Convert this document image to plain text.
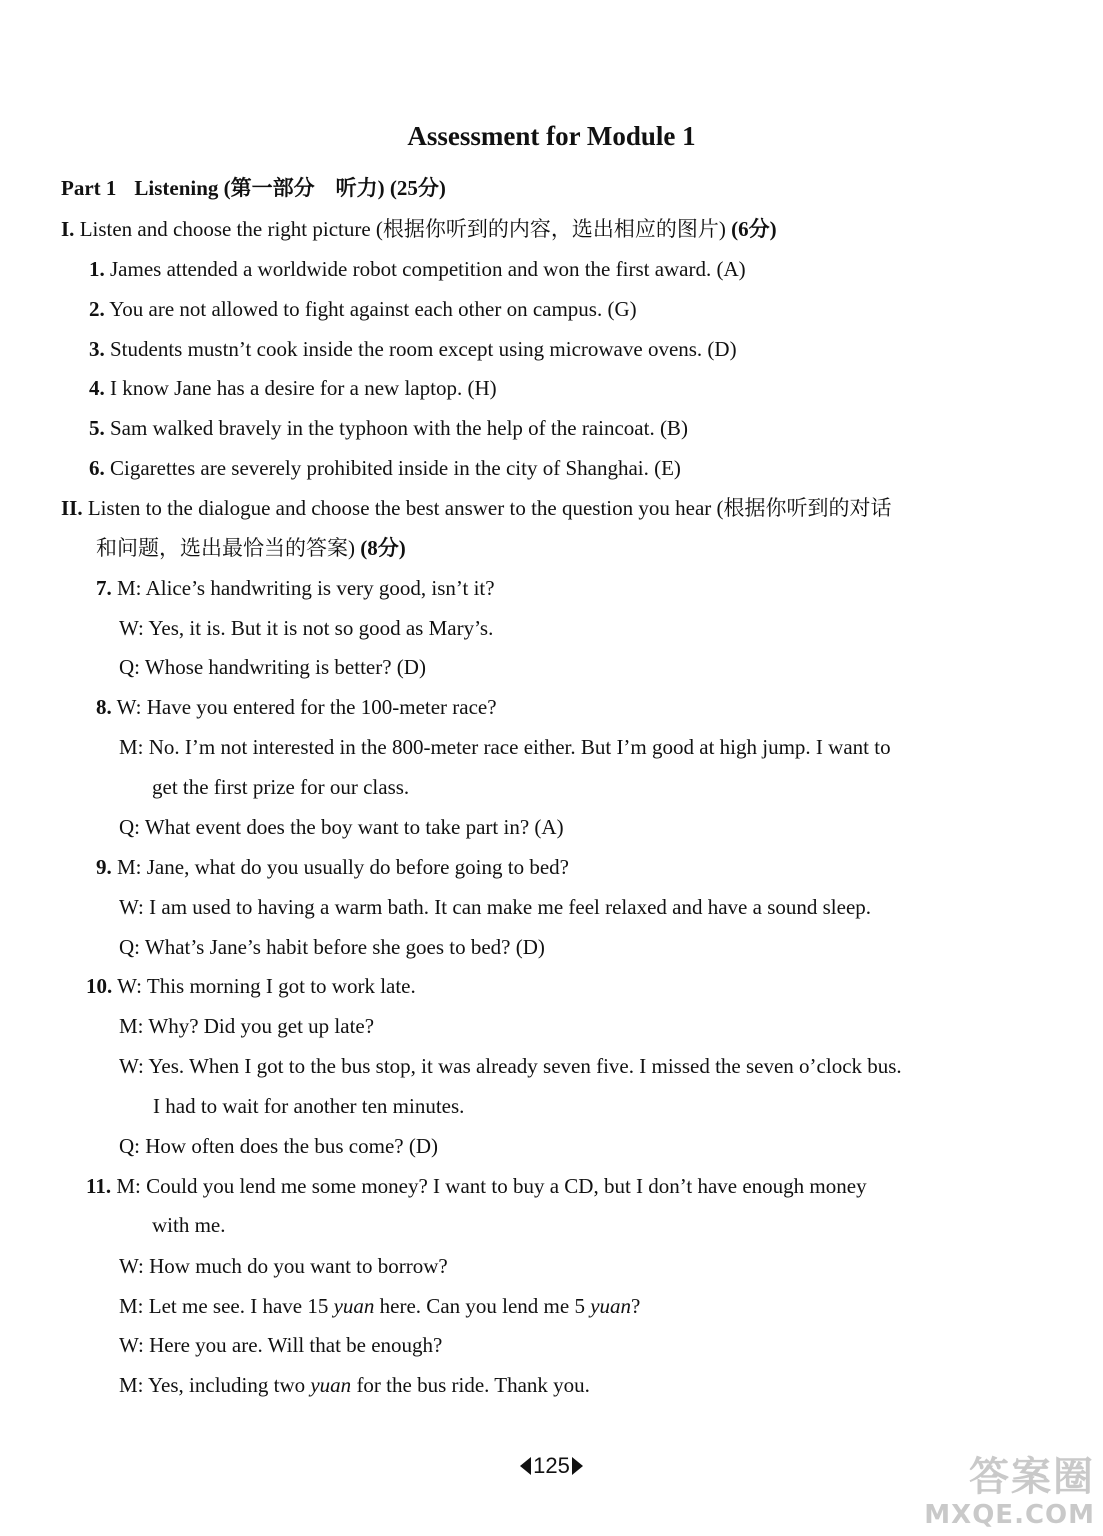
Assessment for Module 1
Part 1 Listening (第一部分　听力) (25分)
I. Listen and choose the right picture (根据你听到的内容，选出相应的图片) (6分)
1. James attended a worldwide robot competition and won the first award. (A)
2. You are not allowed to fight against each other on campus. (G)
3. Students mustn’t cook inside the room except using microwave ovens. (D)
4. I know Jane has a desire for a new laptop. (H)
5. Sam walked bravely in the typhoon with the help of the raincoat. (B)
6. Cigarettes are severely prohibited inside in the city of Shanghai. (E)
II. Listen to the dialogue and choose the best answer to the question you hear (根据你听到的对话
和问题，选出最恰当的答案) (8分)
7. M: Alice’s handwriting is very good, isn’t it?
W: Yes, it is. But it is not so good as Mary’s.
Q: Whose handwriting is better? (D)
8. W: Have you entered for the 100-meter race?
M: No. I’m not interested in the 800-meter race either. But I’m good at high jump. I want to
get the first prize for our class.
Q: What event does the boy want to take part in? (A)
9. M: Jane, what do you usually do before going to bed?
W: I am used to having a warm bath. It can make me feel relaxed and have a sound sleep.
Q: What’s Jane’s habit before she goes to bed? (D)
10. W: This morning I got to work late.
M: Why? Did you get up late?
W: Yes. When I got to the bus stop, it was already seven five. I missed the seven o’clock bus.
I had to wait for another ten minutes.
Q: How often does the bus come? (D)
11. M: Could you lend me some money? I want to buy a CD, but I don’t have enough money
with me.
W: How much do you want to borrow?
M: Let me see. I have 15 yuan here. Can you lend me 5 yuan?
W: Here you are. Will that be enough?
M: Yes, including two yuan for the bus ride. Thank you.
125	答案圈
MXQE.COM
